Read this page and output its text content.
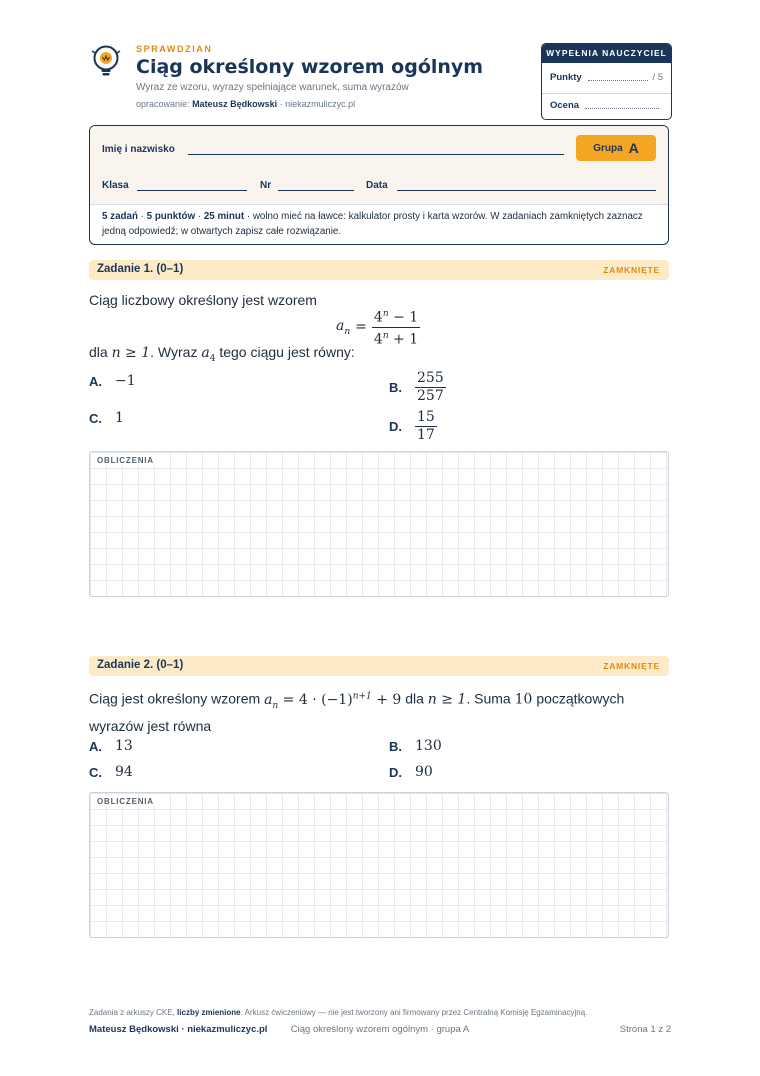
SPRAWDZIAN
Ciąg określony wzorem ogólnym
Wyraz ze wzoru, wyrazy spełniające warunek, suma wyrazów
opracowanie: Mateusz Będkowski · niekazmuliczyc.pl
WYPEŁNIA NAUCZYCIEL
Punkty	/ 5
Ocena
Imię i nazwisko	Grupa A
Klasa	Nr	Data
5 zadań · 5 punktów · 25 minut · wolno mieć na ławce: kalkulator prosty i karta wzorów. W zadaniach zamkniętych zaznacz jedną odpowiedź; w otwartych zapisz całe rozwiązanie.
Zadanie 1. (0–1)	ZAMKNIĘTE
Ciąg liczbowy określony jest wzorem
$a_n = \frac{4^n - 1}{4^n + 1}$
dla n ≥ 1. Wyraz $a_4$ tego ciągu jest równy:
A. −1	B. $\frac{255}{257}$
C. 1
D. $\frac{15}{17}$
OBLICZENIA
Zadanie 2. (0–1)	ZAMKNIĘTE
Ciąg jest określony wzorem $a_n = 4 \cdot (-1)^{n+1} + 9$ dla n ≥ 1. Suma 10 początkowych
wyrazów jest równa
A. 13	B. 130
C. 94	D. 90
OBLICZENIA
Zadania z arkuszy CKE, liczby zmienione. Arkusz ćwiczeniowy — nie jest tworzony ani firmowany przez Centralną Komisję Egzaminacyjną.
Mateusz Będkowski · niekazmuliczyc.pl	Ciąg określony wzorem ogólnym · grupa A	Strona 1 z 2
